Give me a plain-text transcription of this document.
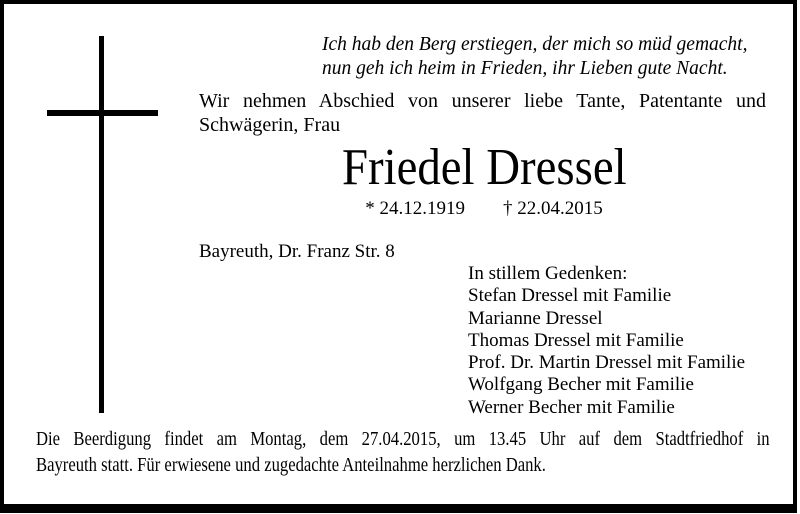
Ich hab den Berg erstiegen, der mich so müd gemacht,
nun geh ich heim in Frieden, ihr Lieben gute Nacht.
Wir nehmen Abschied von unserer liebe Tante, Patentante und
Schwägerin, Frau
Friedel Dressel
* 24.12.1919 † 22.04.2015
Bayreuth, Dr. Franz Str. 8
In stillem Gedenken:
Stefan Dressel mit Familie
Marianne Dressel
Thomas Dressel mit Familie
Prof. Dr. Martin Dressel mit Familie
Wolfgang Becher mit Familie
Werner Becher mit Familie
Die Beerdigung findet am Montag, dem 27.04.2015, um 13.45 Uhr auf dem Stadtfriedhof in
Bayreuth statt. Für erwiesene und zugedachte Anteilnahme herzlichen Dank.
